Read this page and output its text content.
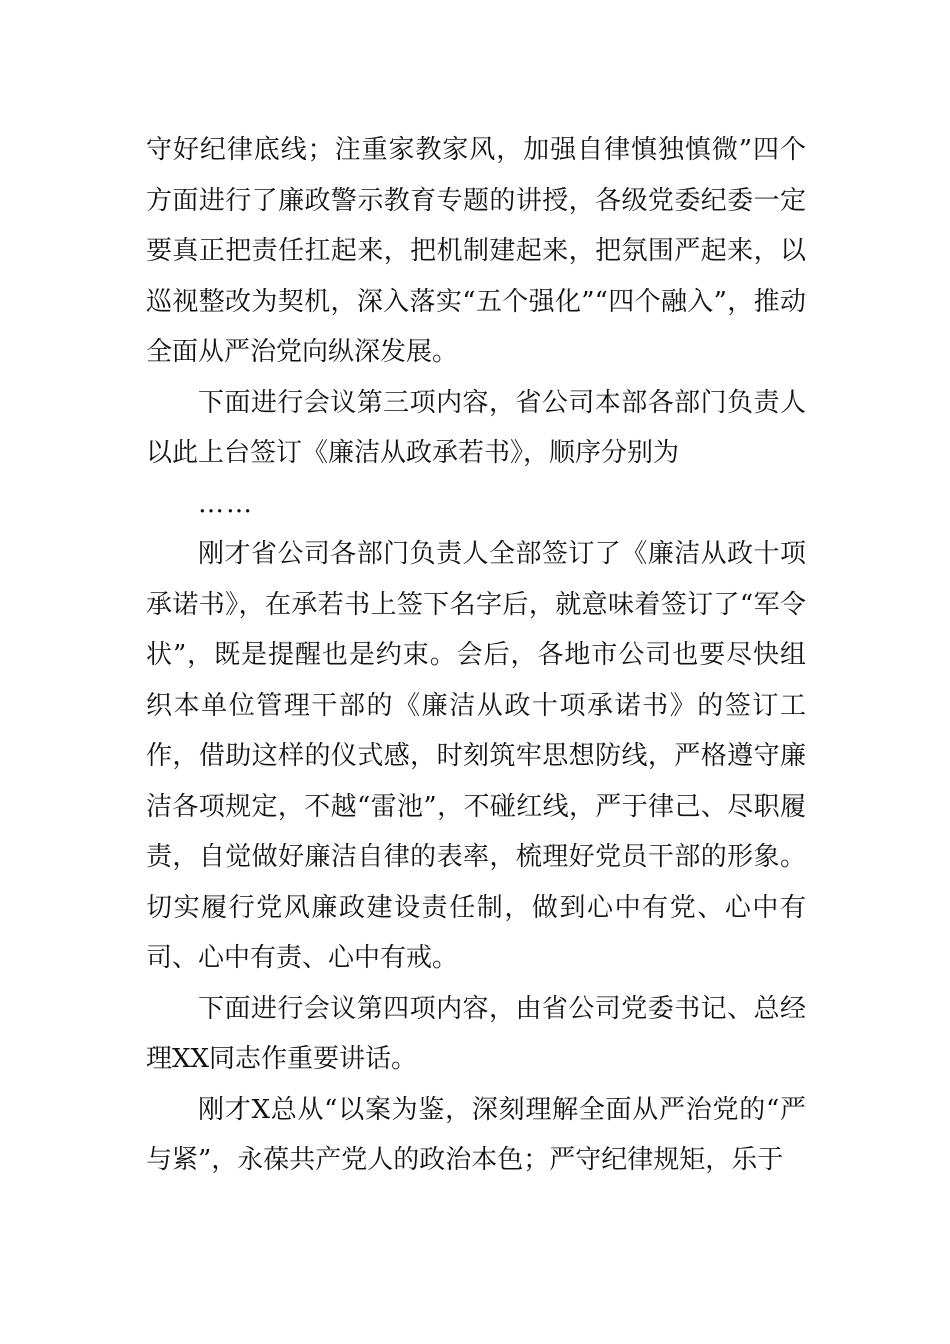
守好纪律底线；注重家教家风，加强自律慎独慎微”四个方面进行了廉政警示教育专题的讲授，各级党委纪委一定要真正把责任扛起来，把机制建起来，把氛围严起来，以巡视整改为契机，深入落实“五个强化”“四个融入”，推动全面从严治党向纵深发展。

下面进行会议第三项内容，省公司本部各部门负责人以此上台签订《廉洁从政承若书》，顺序分别为

……

刚才省公司各部门负责人全部签订了《廉洁从政十项承诺书》，在承若书上签下名字后，就意味着签订了“军令状”，既是提醒也是约束。会后，各地市公司也要尽快组织本单位管理干部的《廉洁从政十项承诺书》的签订工作，借助这样的仪式感，时刻筑牢思想防线，严格遵守廉洁各项规定，不越“雷池”，不碰红线，严于律己、尽职履责，自觉做好廉洁自律的表率，梳理好党员干部的形象。切实履行党风廉政建设责任制，做到心中有党、心中有司、心中有责、心中有戒。

下面进行会议第四项内容，由省公司党委书记、总经理XX同志作重要讲话。

刚才X总从“以案为鉴，深刻理解全面从严治党的“严与紧”，永葆共产党人的政治本色；严守纪律规矩，乐于
